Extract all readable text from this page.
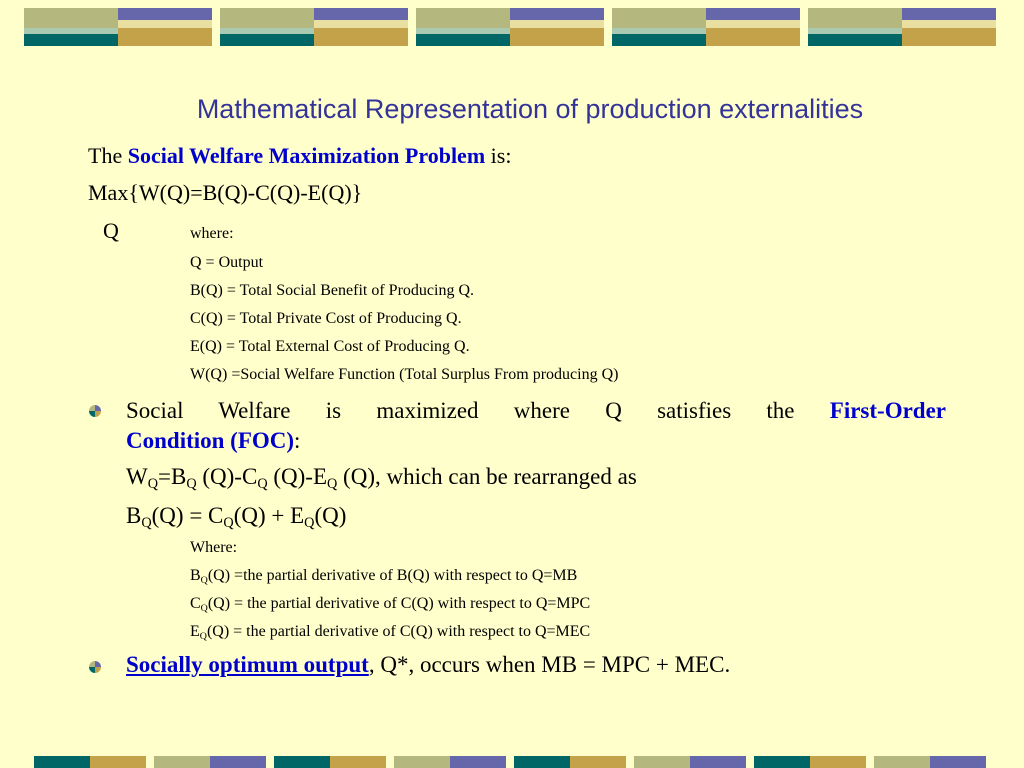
Mathematical Representation of production externalities
The Social Welfare Maximization Problem is:
Max{W(Q)=B(Q)-C(Q)-E(Q)}
Q	where:
Q = Output
B(Q) = Total Social Benefit of Producing Q.
C(Q) = Total Private Cost of Producing Q.
E(Q) = Total External Cost of Producing Q.
W(Q) =Social Welfare Function (Total Surplus From producing Q)
Social Welfare is maximized where Q satisfies the First-Order
Condition (FOC):
$W_Q=B_Q$ $(Q)-C_Q$ $(Q)-E_Q$ (Q), which can be rearranged as
$B_Q(Q) = C_Q(Q) + E_Q(Q)$
Where:
$B_Q(Q) =the$ partial derivative of B(Q) with respect to Q=MB
$C_Q(Q)$ = the partial derivative of C(Q) with respect to Q=MPC
$E_Q(Q)$ = the partial derivative of C(Q) with respect to Q=MEC
Socially optimum output, Q*, occurs when MB = MPC + MEC.
